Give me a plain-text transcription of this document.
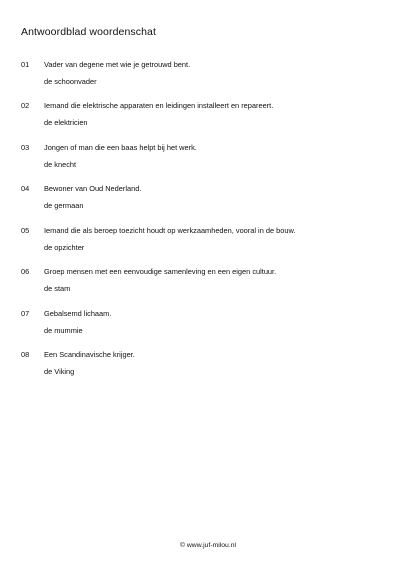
Antwoordblad woordenschat
01 Vader van degene met wie je getrouwd bent.
de schoonvader
02 Iemand die elektrische apparaten en leidingen installeert en repareert.
de elektricien
03 Jongen of man die een baas helpt bij het werk.
de knecht
04 Bewoner van Oud Nederland.
de germaan
05 Iemand die als beroep toezicht houdt op werkzaamheden, vooral in de bouw.
de opzichter
06 Groep mensen met een eenvoudige samenleving en een eigen cultuur.
de stam
07 Gebalsemd lichaam.
de mummie
08 Een Scandinavische krijger.
de Viking
© www.juf-milou.nl
